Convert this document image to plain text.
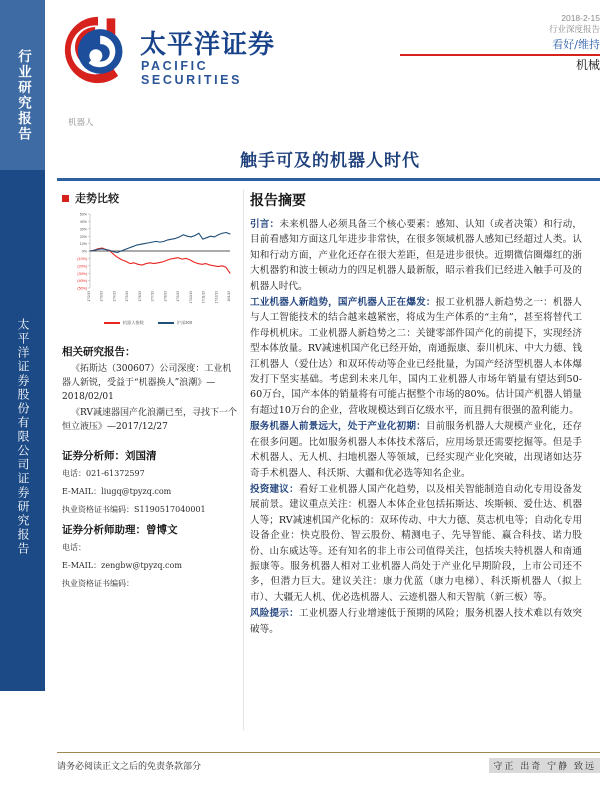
行业研究报告
太平洋证券股份有限公司证券研究报告
太平洋证券
PACIFIC SECURITIES
2018-2-15
行业深度报告
看好/维持
机械
机器人
触手可及的机器人时代
走势比较
50%
40%
30%
20%
10%
0%
(10%)
(20%)
(30%)
(40%)
(50%)
17/2/13	17/3/13	17/4/13	17/5/13	17/6/13	17/7/13	17/8/13	17/9/13	17/10/13	17/11/13	17/12/13	18/1/13
机器人指数	沪深300
相关研究报告：
《拓斯达（300607）公司深度：工业机器人新锐，受益于“机器换人”浪潮》—2018/02/01
《RV减速器国产化浪潮已至，寻找下一个恒立液压》—2017/12/27
证券分析师：刘国清
电话：021-61372597
E-MAIL：liugq@tpyzq.com
执业资格证书编码：S1190517040001
证券分析师助理：曾博文
电话：
E-MAIL：zengbw@tpyzq.com
执业资格证书编码：
报告摘要
引言：未来机器人必须具备三个核心要素：感知、认知（或者决策）和行动，目前看感知方面这几年进步非常快，在很多领域机器人感知已经超过人类。认知和行动方面，产业化还存在很大差距，但是进步很快。近期微信圈爆红的浙大机器豹和波士顿动力的四足机器人最新版，昭示着我们已经进入触手可及的机器人时代。
工业机器人新趋势，国产机器人正在爆发：报工业机器人新趋势之一：机器人与人工智能技术的结合越来越紧密，将成为生产体系的“主角”，甚至将替代工作母机机床。工业机器人新趋势之二：关键零部件国产化的前提下，实现经济型本体放量。RV减速机国产化已经开始，南通振康、泰川机床、中大力德、钱江机器人（爱仕达）和双环传动等企业已经批量，为国产经济型机器人本体爆发打下坚实基础。考虑到未来几年，国内工业机器人市场年销量有望达到50-60万台，国产本体的销量将有可能占据整个市场的80%。估计国产机器人销量有超过10万台的企业，营收规模达到百亿级水平，而且拥有很强的盈利能力。
服务机器人前景远大，处于产业化初期：目前服务机器人大规模产业化，还存在很多问题。比如服务机器人本体技术落后，应用场景还需要挖掘等。但是手术机器人、无人机、扫地机器人等领域，已经实现产业化突破，出现诸如达芬奇手术机器人、科沃斯、大疆和优必选等知名企业。
投资建议：看好工业机器人国产化趋势，以及相关智能制造自动化专用设备发展前景。建议重点关注：机器人本体企业包括拓斯达、埃斯顿、爱仕达、机器人等；RV减速机国产化标的：双环传动、中大力德、莫志机电等；自动化专用设备企业：快克股份、智云股份、精测电子、先导智能、赢合科技、诺力股份、山东威达等。还有知名的非上市公司值得关注，包括埃夫特机器人和南通振康等。服务机器人相对工业机器人尚处于产业化早期阶段，上市公司还不多，但潜力巨大。建议关注：康力优蓝（康力电梯）、科沃斯机器人（拟上市）、大疆无人机、优必选机器人、云迹机器人和天智航（新三板）等。
风险提示：工业机器人行业增速低于预期的风险；服务机器人技术难以有效突破等。
请务必阅读正文之后的免责条款部分	守正 出奇 宁静 致远
